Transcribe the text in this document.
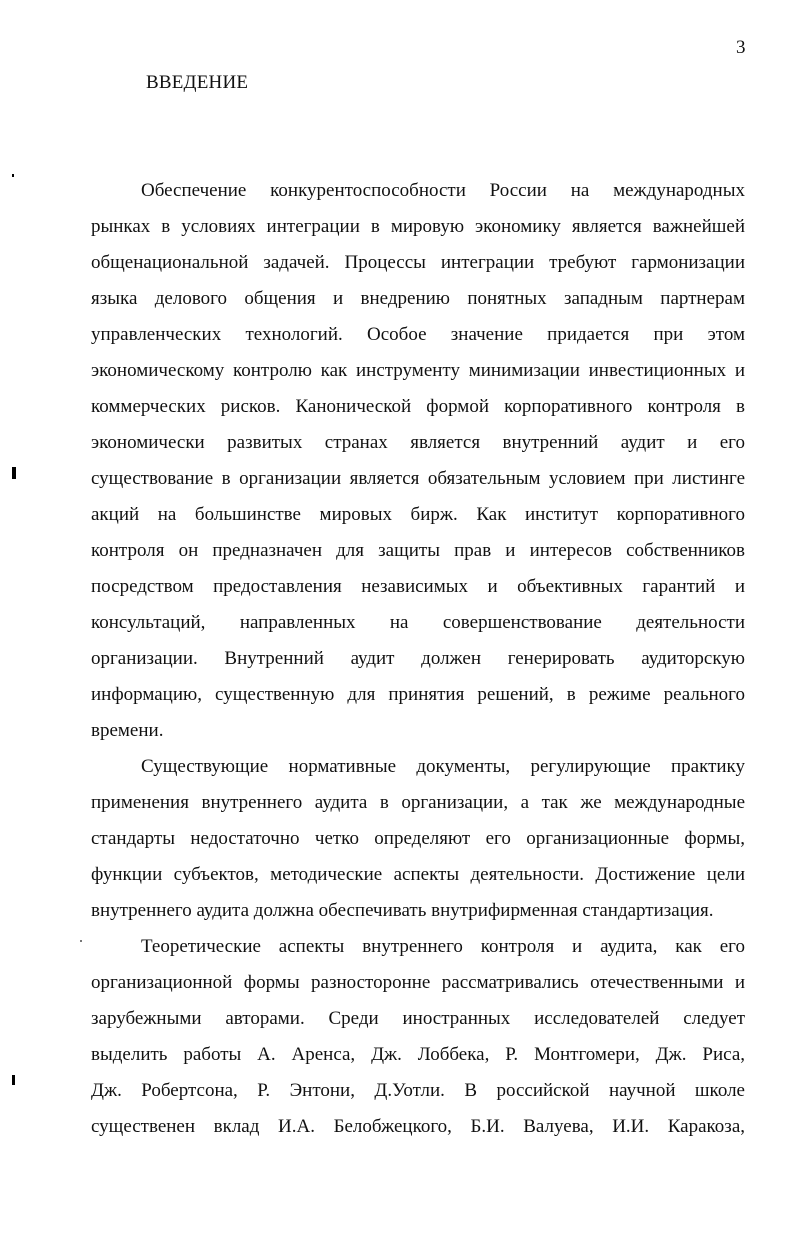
3
ВВЕДЕНИЕ
Обеспечение конкурентоспособности России на международных
рынках в условиях интеграции в мировую экономику является важнейшей
общенациональной задачей. Процессы интеграции требуют гармонизации
языка делового общения и внедрению понятных западным партнерам
управленческих технологий. Особое значение придается при этом
экономическому контролю как инструменту минимизации инвестиционных и
коммерческих рисков. Канонической формой корпоративного контроля в
экономически развитых странах является внутренний аудит и его
существование в организации является обязательным условием при листинге
акций на большинстве мировых бирж. Как институт корпоративного
контроля он предназначен для защиты прав и интересов собственников
посредством предоставления независимых и объективных гарантий и
консультаций, направленных на совершенствование деятельности
организации. Внутренний аудит должен генерировать аудиторскую
информацию, существенную для принятия решений, в режиме реального
времени.
Существующие нормативные документы, регулирующие практику
применения внутреннего аудита в организации, а так же международные
стандарты недостаточно четко определяют его организационные формы,
функции субъектов, методические аспекты деятельности. Достижение цели
внутреннего аудита должна обеспечивать внутрифирменная стандартизация.
Теоретические аспекты внутреннего контроля и аудита, как его
организационной формы разносторонне рассматривались отечественными и
зарубежными авторами. Среди иностранных исследователей следует
выделить работы А. Аренса, Дж. Лоббека, Р. Монтгомери, Дж. Риса,
Дж. Робертсона, Р. Энтони, Д.Уотли. В российской научной школе
существенен вклад И.А. Белобжецкого, Б.И. Валуева, И.И. Каракоза,
